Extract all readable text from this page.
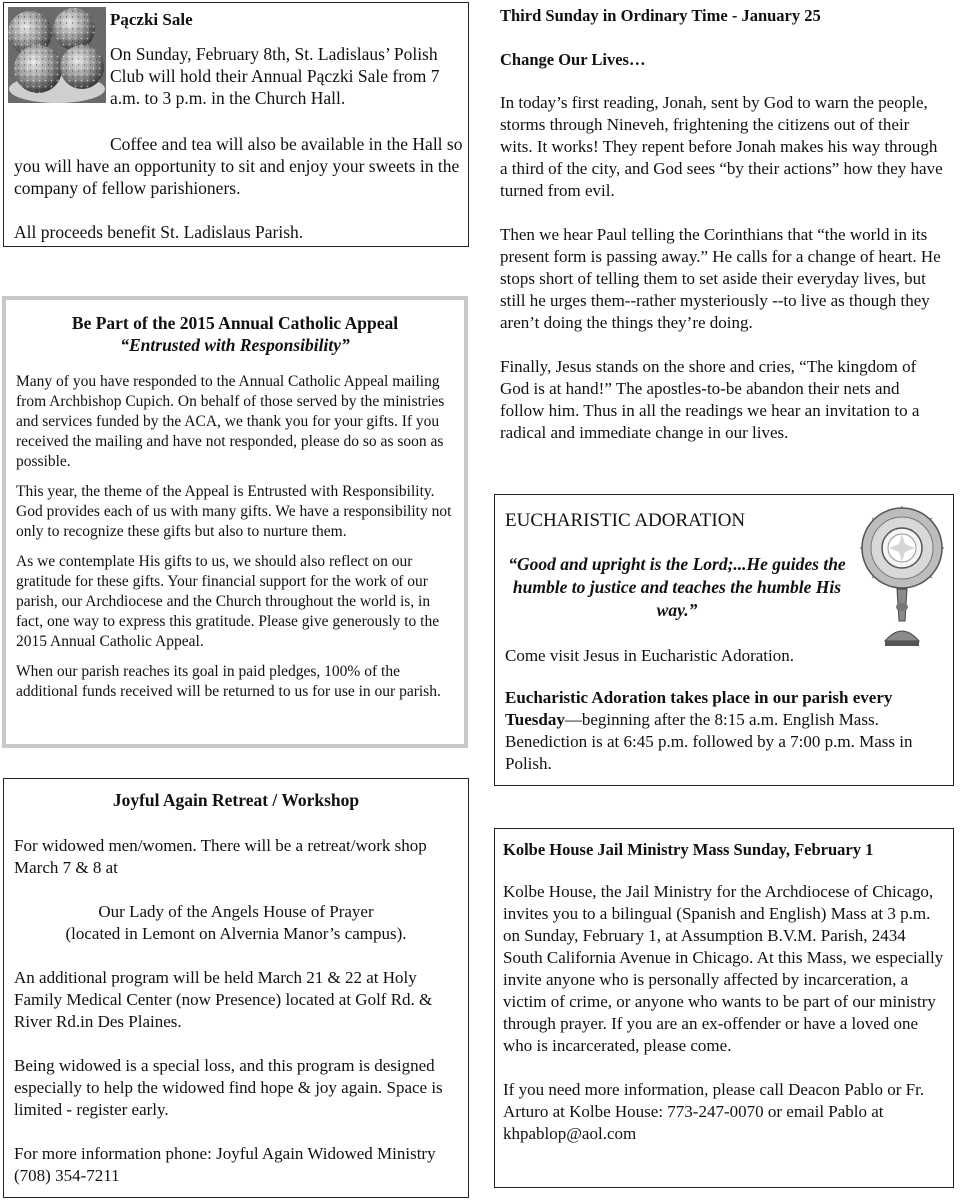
Pączki Sale

On Sunday, February 8th, St. Ladislaus’ Polish Club will hold their Annual Pączki Sale from 7 a.m. to 3 p.m. in the Church Hall.

Coffee and tea will also be available in the Hall so you will have an opportunity to sit and enjoy your sweets in the company of fellow parishioners.

All proceeds benefit St. Ladislaus Parish.

Be Part of the 2015 Annual Catholic Appeal

“Entrusted with Responsibility”

Many of you have responded to the Annual Catholic Appeal mailing from Archbishop Cupich. On behalf of those served by the ministries and services funded by the ACA, we thank you for your gifts. If you received the mailing and have not responded, please do so as soon as possible.

This year, the theme of the Appeal is Entrusted with Responsibility. God provides each of us with many gifts. We have a responsibility not only to recognize these gifts but also to nurture them.

As we contemplate His gifts to us, we should also reflect on our gratitude for these gifts. Your financial support for the work of our parish, our Archdiocese and the Church throughout the world is, in fact, one way to express this gratitude. Please give generously to the 2015 Annual Catholic Appeal.

When our parish reaches its goal in paid pledges, 100% of the additional funds received will be returned to us for use in our parish.

Joyful Again Retreat / Workshop

For widowed men/women. There will be a retreat/work shop March 7 & 8 at

Our Lady of the Angels House of Prayer

(located in Lemont on Alvernia Manor’s campus).

An additional program will be held March 21 & 22 at Holy Family Medical Center (now Presence) located at Golf Rd. & River Rd.in Des Plaines.

Being widowed is a special loss, and this program is designed especially to help the widowed find hope & joy again. Space is limited - register early.

For more information phone: Joyful Again Widowed Ministry (708) 354-7211

Third Sunday in Ordinary Time - January 25

Change Our Lives…

In today’s first reading, Jonah, sent by God to warn the people, storms through Nineveh, frightening the citizens out of their wits. It works! They repent before Jonah makes his way through a third of the city, and God sees “by their actions” how they have turned from evil.

Then we hear Paul telling the Corinthians that “the world in its present form is passing away.” He calls for a change of heart. He stops short of telling them to set aside their everyday lives, but still he urges them--rather mysteriously --to live as though they aren’t doing the things they’re doing.

Finally, Jesus stands on the shore and cries, “The kingdom of God is at hand!” The apostles-to-be abandon their nets and follow him. Thus in all the readings we hear an invitation to a radical and immediate change in our lives.

EUCHARISTIC ADORATION

“Good and upright is the Lord;...He guides the humble to justice and teaches the humble His way.”

Come visit Jesus in Eucharistic Adoration.

Eucharistic Adoration takes place in our parish every Tuesday—beginning after the 8:15 a.m. English Mass. Benediction is at 6:45 p.m. followed by a 7:00 p.m. Mass in Polish.

Kolbe House Jail Ministry Mass Sunday, February 1

Kolbe House, the Jail Ministry for the Archdiocese of Chicago, invites you to a bilingual (Spanish and English) Mass at 3 p.m. on Sunday, February 1, at Assumption B.V.M. Parish, 2434 South California Avenue in Chicago. At this Mass, we especially invite anyone who is personally affected by incarceration, a victim of crime, or anyone who wants to be part of our ministry through prayer. If you are an ex-offender or have a loved one who is incarcerated, please come.

If you need more information, please call Deacon Pablo or Fr. Arturo at Kolbe House: 773-247-0070 or email Pablo at khpablop@aol.com
